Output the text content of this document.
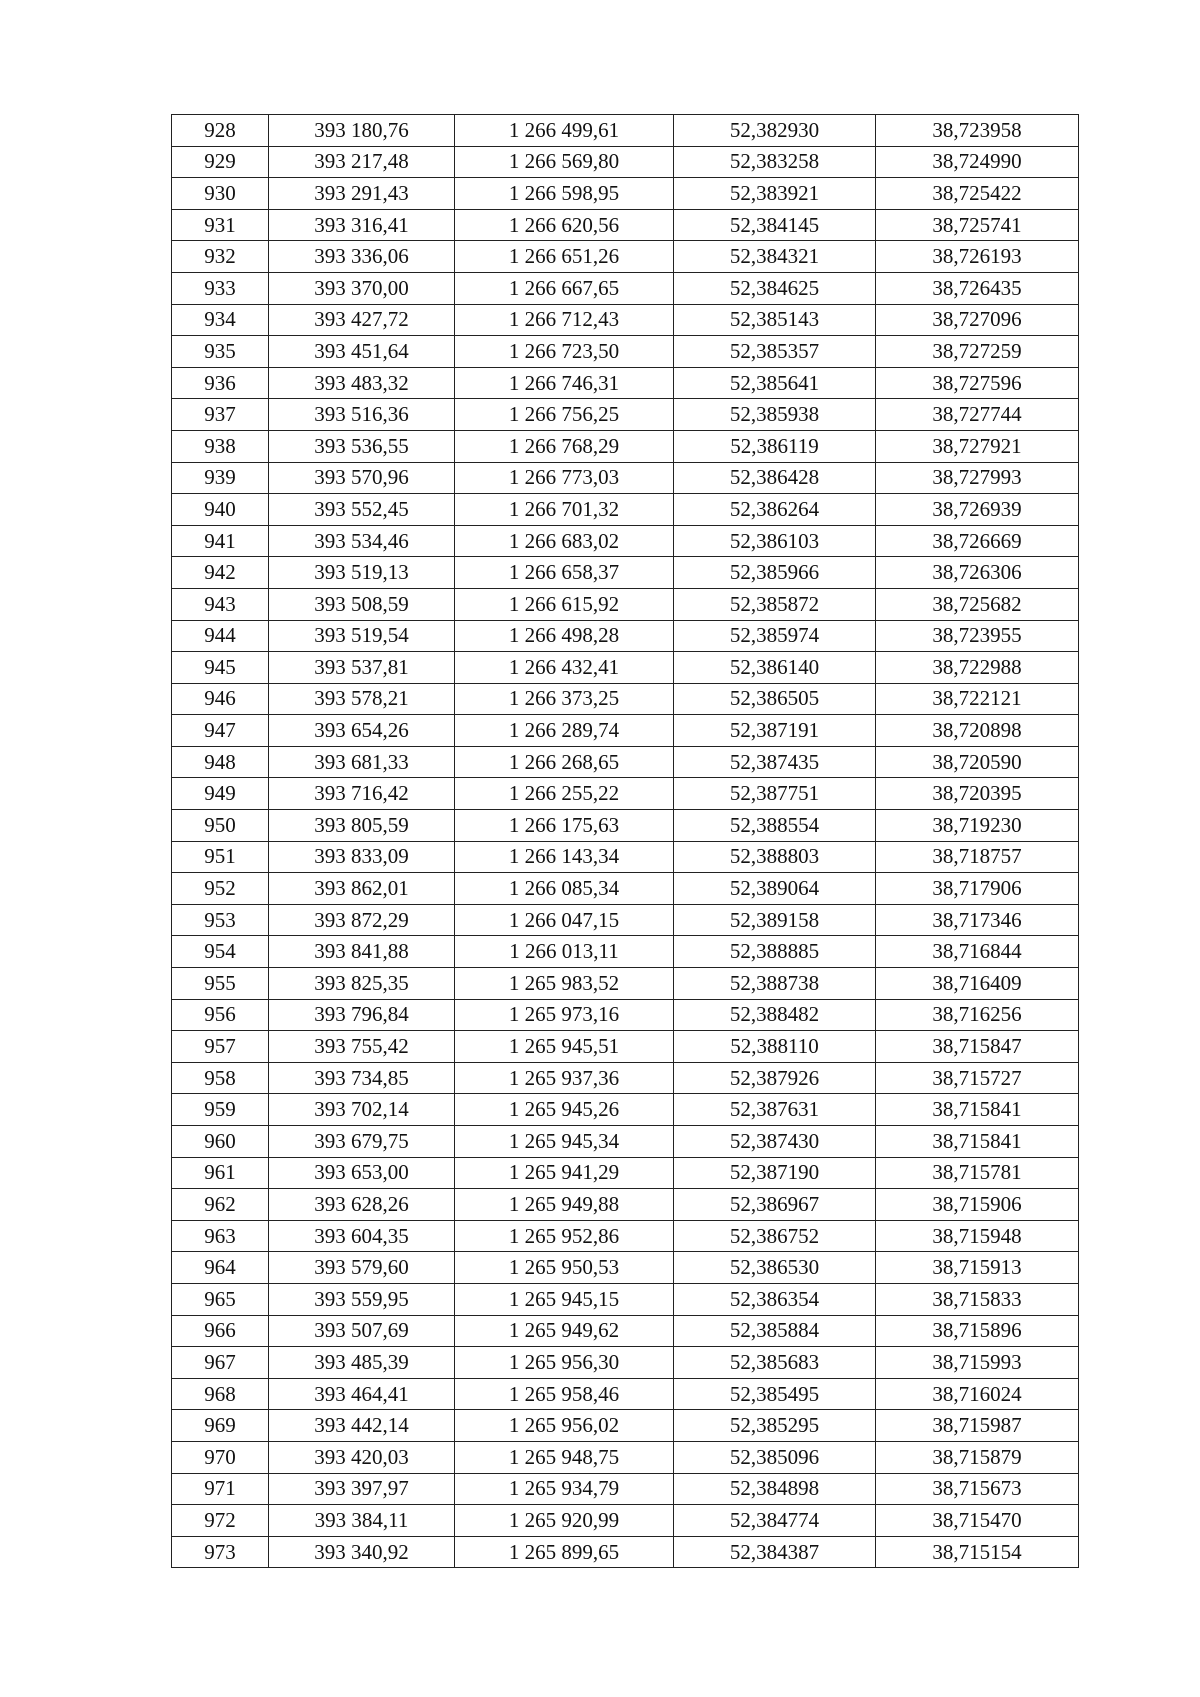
928	393 180,76	1 266 499,61	52,382930	38,723958
929	393 217,48	1 266 569,80	52,383258	38,724990
930	393 291,43	1 266 598,95	52,383921	38,725422
931	393 316,41	1 266 620,56	52,384145	38,725741
932	393 336,06	1 266 651,26	52,384321	38,726193
933	393 370,00	1 266 667,65	52,384625	38,726435
934	393 427,72	1 266 712,43	52,385143	38,727096
935	393 451,64	1 266 723,50	52,385357	38,727259
936	393 483,32	1 266 746,31	52,385641	38,727596
937	393 516,36	1 266 756,25	52,385938	38,727744
938	393 536,55	1 266 768,29	52,386119	38,727921
939	393 570,96	1 266 773,03	52,386428	38,727993
940	393 552,45	1 266 701,32	52,386264	38,726939
941	393 534,46	1 266 683,02	52,386103	38,726669
942	393 519,13	1 266 658,37	52,385966	38,726306
943	393 508,59	1 266 615,92	52,385872	38,725682
944	393 519,54	1 266 498,28	52,385974	38,723955
945	393 537,81	1 266 432,41	52,386140	38,722988
946	393 578,21	1 266 373,25	52,386505	38,722121
947	393 654,26	1 266 289,74	52,387191	38,720898
948	393 681,33	1 266 268,65	52,387435	38,720590
949	393 716,42	1 266 255,22	52,387751	38,720395
950	393 805,59	1 266 175,63	52,388554	38,719230
951	393 833,09	1 266 143,34	52,388803	38,718757
952	393 862,01	1 266 085,34	52,389064	38,717906
953	393 872,29	1 266 047,15	52,389158	38,717346
954	393 841,88	1 266 013,11	52,388885	38,716844
955	393 825,35	1 265 983,52	52,388738	38,716409
956	393 796,84	1 265 973,16	52,388482	38,716256
957	393 755,42	1 265 945,51	52,388110	38,715847
958	393 734,85	1 265 937,36	52,387926	38,715727
959	393 702,14	1 265 945,26	52,387631	38,715841
960	393 679,75	1 265 945,34	52,387430	38,715841
961	393 653,00	1 265 941,29	52,387190	38,715781
962	393 628,26	1 265 949,88	52,386967	38,715906
963	393 604,35	1 265 952,86	52,386752	38,715948
964	393 579,60	1 265 950,53	52,386530	38,715913
965	393 559,95	1 265 945,15	52,386354	38,715833
966	393 507,69	1 265 949,62	52,385884	38,715896
967	393 485,39	1 265 956,30	52,385683	38,715993
968	393 464,41	1 265 958,46	52,385495	38,716024
969	393 442,14	1 265 956,02	52,385295	38,715987
970	393 420,03	1 265 948,75	52,385096	38,715879
971	393 397,97	1 265 934,79	52,384898	38,715673
972	393 384,11	1 265 920,99	52,384774	38,715470
973	393 340,92	1 265 899,65	52,384387	38,715154
